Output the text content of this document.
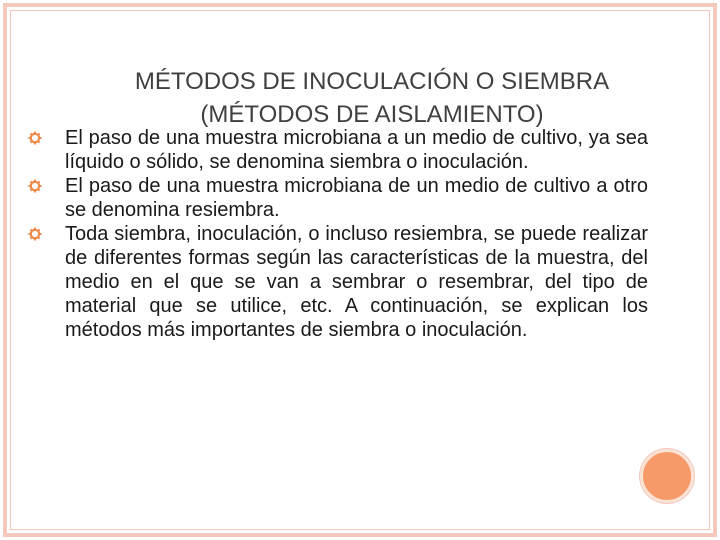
MÉTODOS DE INOCULACIÓN O SIEMBRA
(MÉTODOS DE AISLAMIENTO)
El paso de una muestra microbiana a un medio de cultivo, ya sea líquido o sólido, se denomina siembra o inoculación.
El paso de una muestra microbiana de un medio de cultivo a otro se denomina resiembra.
Toda siembra, inoculación, o incluso resiembra, se puede realizar de diferentes formas según las características de la muestra, del medio en el que se van a sembrar o resembrar, del tipo de material que se utilice, etc. A continuación, se explican los métodos más importantes de siembra o inoculación.
